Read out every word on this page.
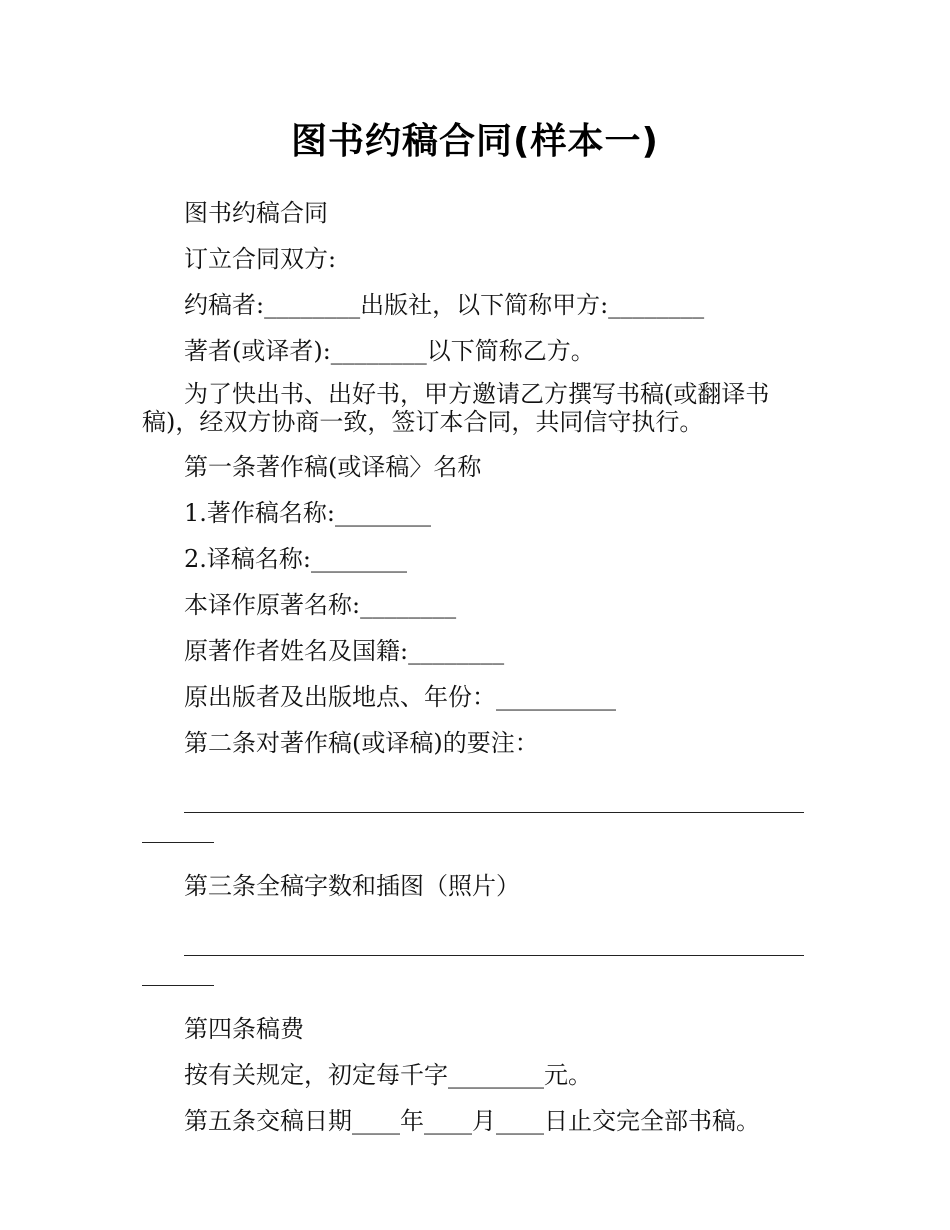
图书约稿合同(样本一)

图书约稿合同

订立合同双方:

约稿者:________出版社，以下简称甲方:________

著者(或译者):________以下简称乙方。

为了快出书、出好书，甲方邀请乙方撰写书稿(或翻译书稿)，经双方协商一致，签订本合同，共同信守执行。

第一条著作稿(或译稿〉名称

1.著作稿名称:________

2.译稿名称:________

本译作原著名称:________

原著作者姓名及国籍:________

原出版者及出版地点、年份：__________

第二条对著作稿(或译稿)的要注：

第三条全稿字数和插图（照片）

第四条稿费

按有关规定，初定每千字________元。

第五条交稿日期____年____月____日止交完全部书稿。
